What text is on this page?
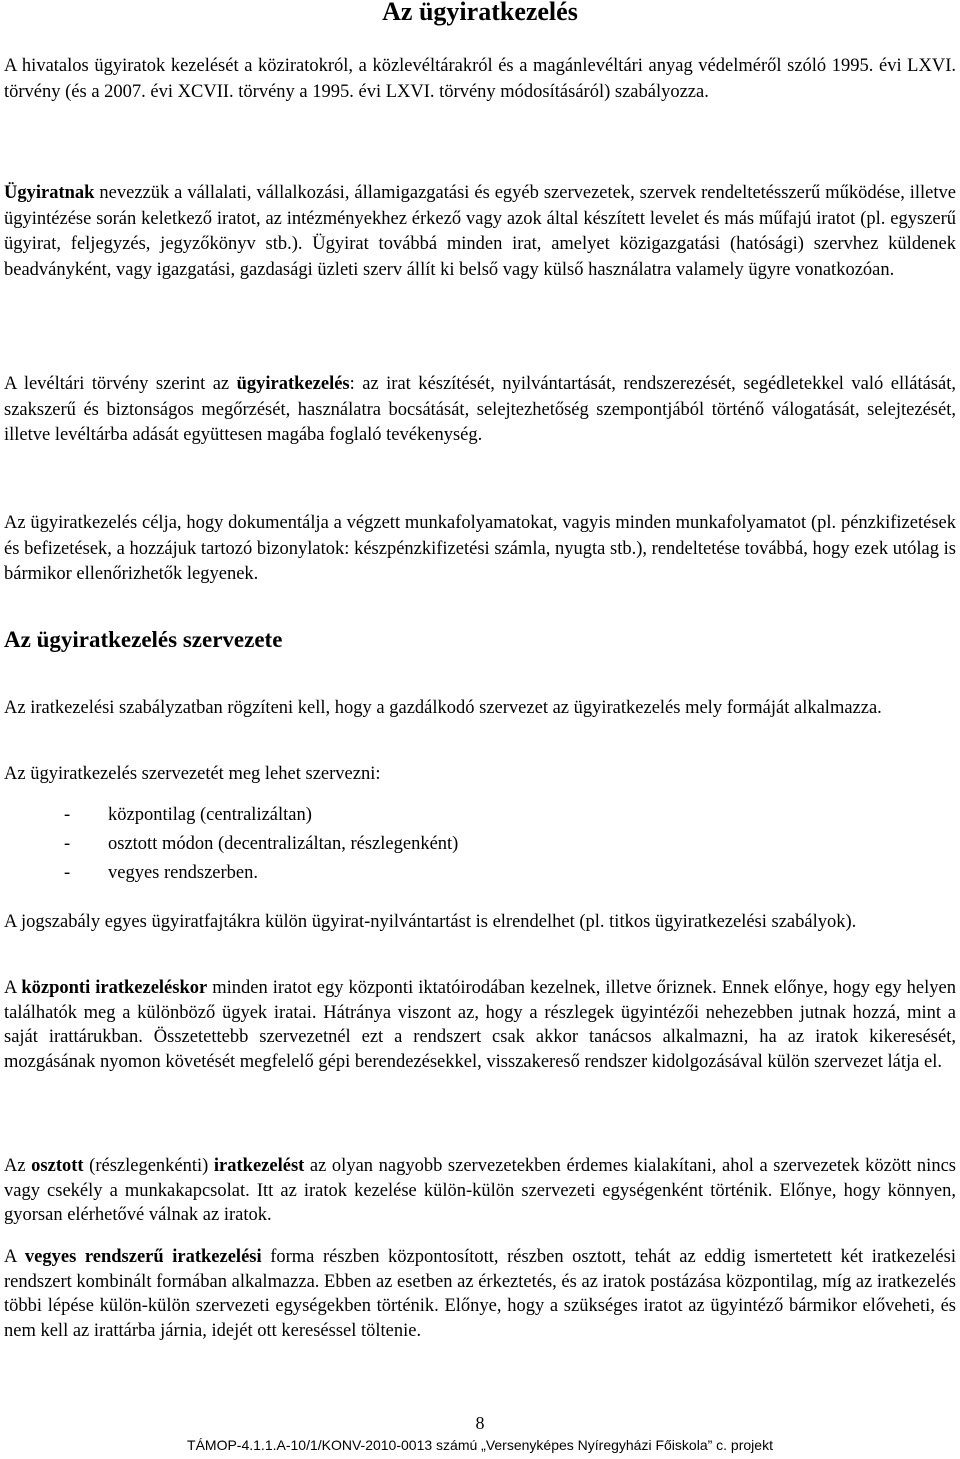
Az ügyiratkezelés

A hivatalos ügyiratok kezelését a köziratokról, a közlevéltárakról és a magánlevéltári anyag védelméről szóló 1995. évi LXVI. törvény (és a 2007. évi XCVII. törvény a 1995. évi LXVI. törvény módosításáról) szabályozza.

Ügyiratnak nevezzük a vállalati, vállalkozási, államigazgatási és egyéb szervezetek, szervek rendeltetésszerű működése, illetve ügyintézése során keletkező iratot, az intézményekhez érkező vagy azok által készített levelet és más műfajú iratot (pl. egyszerű ügyirat, feljegyzés, jegyzőkönyv stb.). Ügyirat továbbá minden irat, amelyet közigazgatási (hatósági) szervhez küldenek beadványként, vagy igazgatási, gazdasági üzleti szerv állít ki belső vagy külső használatra valamely ügyre vonatkozóan.

A levéltári törvény szerint az ügyiratkezelés: az irat készítését, nyilvántartását, rendszerezését, segédletekkel való ellátását, szakszerű és biztonságos megőrzését, használatra bocsátását, selejtezhetőség szempontjából történő válogatását, selejtezését, illetve levéltárba adását együttesen magába foglaló tevékenység.

Az ügyiratkezelés célja, hogy dokumentálja a végzett munkafolyamatokat, vagyis minden munkafolyamatot (pl. pénzkifizetések és befizetések, a hozzájuk tartozó bizonylatok: készpénzkifizetési számla, nyugta stb.), rendeltetése továbbá, hogy ezek utólag is bármikor ellenőrizhetők legyenek.

Az ügyiratkezelés szervezete

Az iratkezelési szabályzatban rögzíteni kell, hogy a gazdálkodó szervezet az ügyiratkezelés mely formáját alkalmazza.

Az ügyiratkezelés szervezetét meg lehet szervezni:

- központilag (centralizáltan)
- osztott módon (decentralizáltan, részlegenként)
- vegyes rendszerben.

A jogszabály egyes ügyiratfajtákra külön ügyirat-nyilvántartást is elrendelhet (pl. titkos ügyiratkezelési szabályok).

A központi iratkezeléskor minden iratot egy központi iktatóirodában kezelnek, illetve őriznek. Ennek előnye, hogy egy helyen találhatók meg a különböző ügyek iratai. Hátránya viszont az, hogy a részlegek ügyintézői nehezebben jutnak hozzá, mint a saját irattárukban. Összetettebb szervezetnél ezt a rendszert csak akkor tanácsos alkalmazni, ha az iratok kikeresését, mozgásának nyomon követését megfelelő gépi berendezésekkel, visszakereső rendszer kidolgozásával külön szervezet látja el.

Az osztott (részlegenkénti) iratkezelést az olyan nagyobb szervezetekben érdemes kialakítani, ahol a szervezetek között nincs vagy csekély a munkakapcsolat. Itt az iratok kezelése külön-külön szervezeti egységenként történik. Előnye, hogy könnyen, gyorsan elérhetővé válnak az iratok.

A vegyes rendszerű iratkezelési forma részben központosított, részben osztott, tehát az eddig ismertetett két iratkezelési rendszert kombinált formában alkalmazza. Ebben az esetben az érkeztetés, és az iratok postázása központilag, míg az iratkezelés többi lépése külön-külön szervezeti egységekben történik. Előnye, hogy a szükséges iratot az ügyintéző bármikor előveheti, és nem kell az irattárba járnia, idejét ott kereséssel töltenie.

8
TÁMOP-4.1.1.A-10/1/KONV-2010-0013 számú „Versenyképes Nyíregyházi Főiskola” c. projekt
